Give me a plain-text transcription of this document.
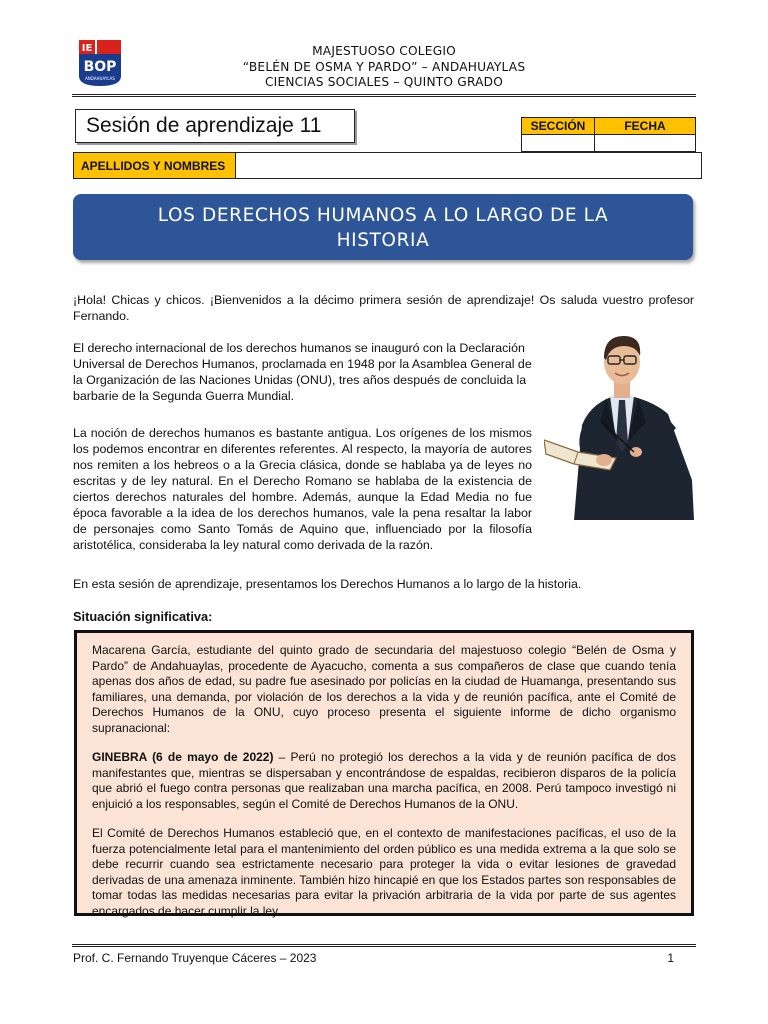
IE
BOP
ANDAHUAYLAS
MAJESTUOSO COLEGIO
“BELÉN DE OSMA Y PARDO” – ANDAHUAYLAS
CIENCIAS SOCIALES – QUINTO GRADO
Sesión de aprendizaje 11	SECCIÓN	FECHA

APELLIDOS Y NOMBRES	
LOS DERECHOS HUMANOS A LO LARGO DE LA
HISTORIA

¡Hola! Chicas y chicos. ¡Bienvenidos a la décimo primera sesión de aprendizaje! Os saluda vuestro profesor Fernando.

El derecho internacional de los derechos humanos se inauguró con la Declaración Universal de Derechos Humanos, proclamada en 1948 por la Asamblea General de la Organización de las Naciones Unidas (ONU), tres años después de concluida la barbarie de la Segunda Guerra Mundial.

La noción de derechos humanos es bastante antigua. Los orígenes de los mismos los podemos encontrar en diferentes referentes. Al respecto, la mayoría de autores nos remiten a los hebreos o a la Grecia clásica, donde se hablaba ya de leyes no escritas y de ley natural. En el Derecho Romano se hablaba de la existencia de ciertos derechos naturales del hombre. Además, aunque la Edad Media no fue época favorable a la idea de los derechos humanos, vale la pena resaltar la labor de personajes como Santo Tomás de Aquino que, influenciado por la filosofía aristotélica, consideraba la ley natural como derivada de la razón.

En esta sesión de aprendizaje, presentamos los Derechos Humanos a lo largo de la historia.

Situación significativa:

Macarena García, estudiante del quinto grado de secundaria del majestuoso colegio “Belén de Osma y Pardo” de Andahuaylas, procedente de Ayacucho, comenta a sus compañeros de clase que cuando tenía apenas dos años de edad, su padre fue asesinado por policías en la ciudad de Huamanga, presentando sus familiares, una demanda, por violación de los derechos a la vida y de reunión pacífica, ante el Comité de Derechos Humanos de la ONU, cuyo proceso presenta el siguiente informe de dicho organismo supranacional:

GINEBRA (6 de mayo de 2022) – Perú no protegió los derechos a la vida y de reunión pacífica de dos manifestantes que, mientras se dispersaban y encontrándose de espaldas, recibieron disparos de la policía que abrió el fuego contra personas que realizaban una marcha pacífica, en 2008. Perú tampoco investigó ni enjuició a los responsables, según el Comité de Derechos Humanos de la ONU.

El Comité de Derechos Humanos estableció que, en el contexto de manifestaciones pacíficas, el uso de la fuerza potencialmente letal para el mantenimiento del orden público es una medida extrema a la que solo se debe recurrir cuando sea estrictamente necesario para proteger la vida o evitar lesiones de gravedad derivadas de una amenaza inminente. También hizo hincapié en que los Estados partes son responsables de tomar todas las medidas necesarias para evitar la privación arbitraria de la vida por parte de sus agentes encargados de hacer cumplir la ley.

Prof. C. Fernando Truyenque Cáceres – 2023	1
